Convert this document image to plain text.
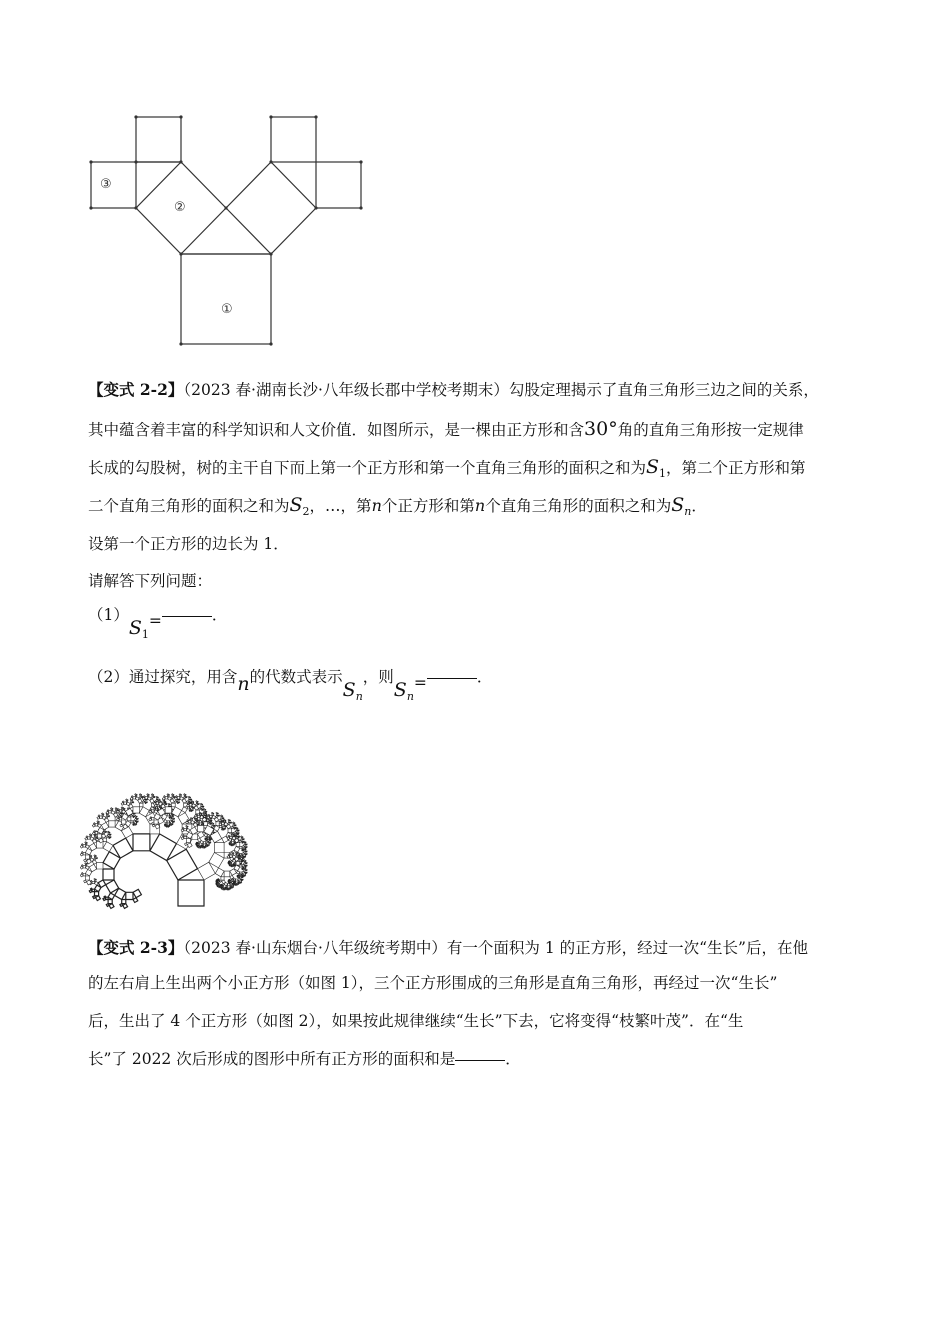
③
②
①
【变式 2-2】（2023 春·湖南长沙·八年级长郡中学校考期末）勾股定理揭示了直角三角形三边之间的关系，
其中蕴含着丰富的科学知识和人文价值．如图所示，是一棵由正方形和含30°角的直角三角形按一定规律
长成的勾股树，树的主干自下而上第一个正方形和第一个直角三角形的面积之和为$S_1$，第二个正方形和第
二个直角三角形的面积之和为$S_2$，…，第n个正方形和第n个直角三角形的面积之和为$S_n$．
设第一个正方形的边长为 1．
请解答下列问题：
$(1)S_1=$	．
（2）通过探究，用含n的代数式表示$S_n$，则$S_n=$	．
【变式 2-3】（2023 春·山东烟台·八年级统考期中）有一个面积为 1 的正方形，经过一次“生长”后，在他
的左右肩上生出两个小正方形（如图 1），三个正方形围成的三角形是直角三角形，再经过一次“生长”
后，生出了 4 个正方形（如图 2），如果按此规律继续“生长”下去，它将变得“枝繁叶茂”．在“生
长”了 2022 次后形成的图形中所有正方形的面积和是	．
